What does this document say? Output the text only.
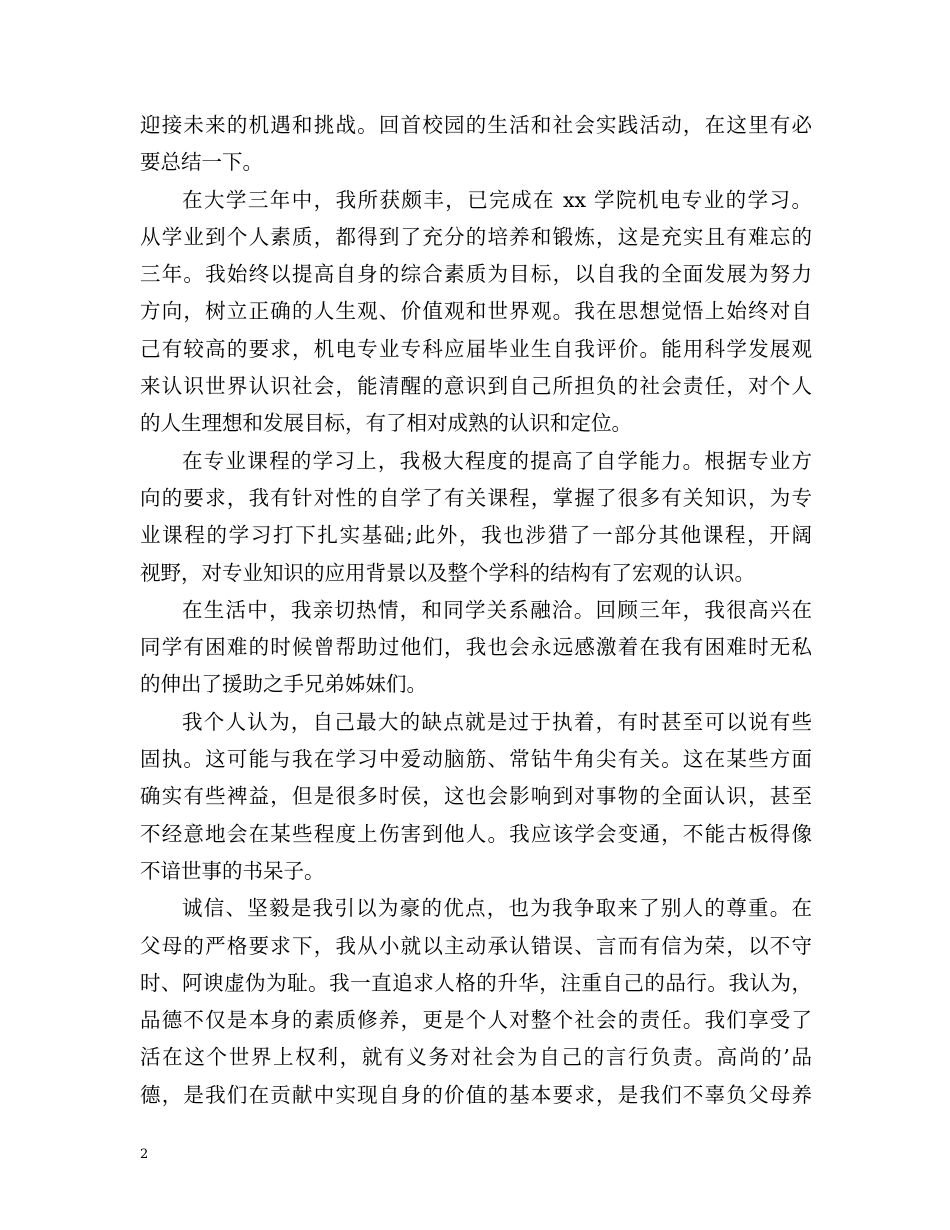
迎接未来的机遇和挑战。回首校园的生活和社会实践活动，在这里有必
要总结一下。
在大学三年中，我所获颇丰，已完成在 xx 学院机电专业的学习。
从学业到个人素质，都得到了充分的培养和锻炼，这是充实且有难忘的
三年。我始终以提高自身的综合素质为目标，以自我的全面发展为努力
方向，树立正确的人生观、价值观和世界观。我在思想觉悟上始终对自
己有较高的要求，机电专业专科应届毕业生自我评价。能用科学发展观
来认识世界认识社会，能清醒的意识到自己所担负的社会责任，对个人
的人生理想和发展目标，有了相对成熟的认识和定位。
在专业课程的学习上，我极大程度的提高了自学能力。根据专业方
向的要求，我有针对性的自学了有关课程，掌握了很多有关知识，为专
业课程的学习打下扎实基础;此外，我也涉猎了一部分其他课程，开阔
视野，对专业知识的应用背景以及整个学科的结构有了宏观的认识。
在生活中，我亲切热情，和同学关系融洽。回顾三年，我很高兴在
同学有困难的时候曾帮助过他们，我也会永远感激着在我有困难时无私
的伸出了援助之手兄弟姊妹们。
我个人认为，自己最大的缺点就是过于执着，有时甚至可以说有些
固执。这可能与我在学习中爱动脑筋、常钻牛角尖有关。这在某些方面
确实有些裨益，但是很多时侯，这也会影响到对事物的全面认识，甚至
不经意地会在某些程度上伤害到他人。我应该学会变通，不能古板得像
不谙世事的书呆子。
诚信、坚毅是我引以为豪的优点，也为我争取来了别人的尊重。在
父母的严格要求下，我从小就以主动承认错误、言而有信为荣，以不守
时、阿谀虚伪为耻。我一直追求人格的升华，注重自己的品行。我认为，
品德不仅是本身的素质修养，更是个人对整个社会的责任。我们享受了
活在这个世界上权利，就有义务对社会为自己的言行负责。高尚的’品
德，是我们在贡献中实现自身的价值的基本要求，是我们不辜负父母养
2
